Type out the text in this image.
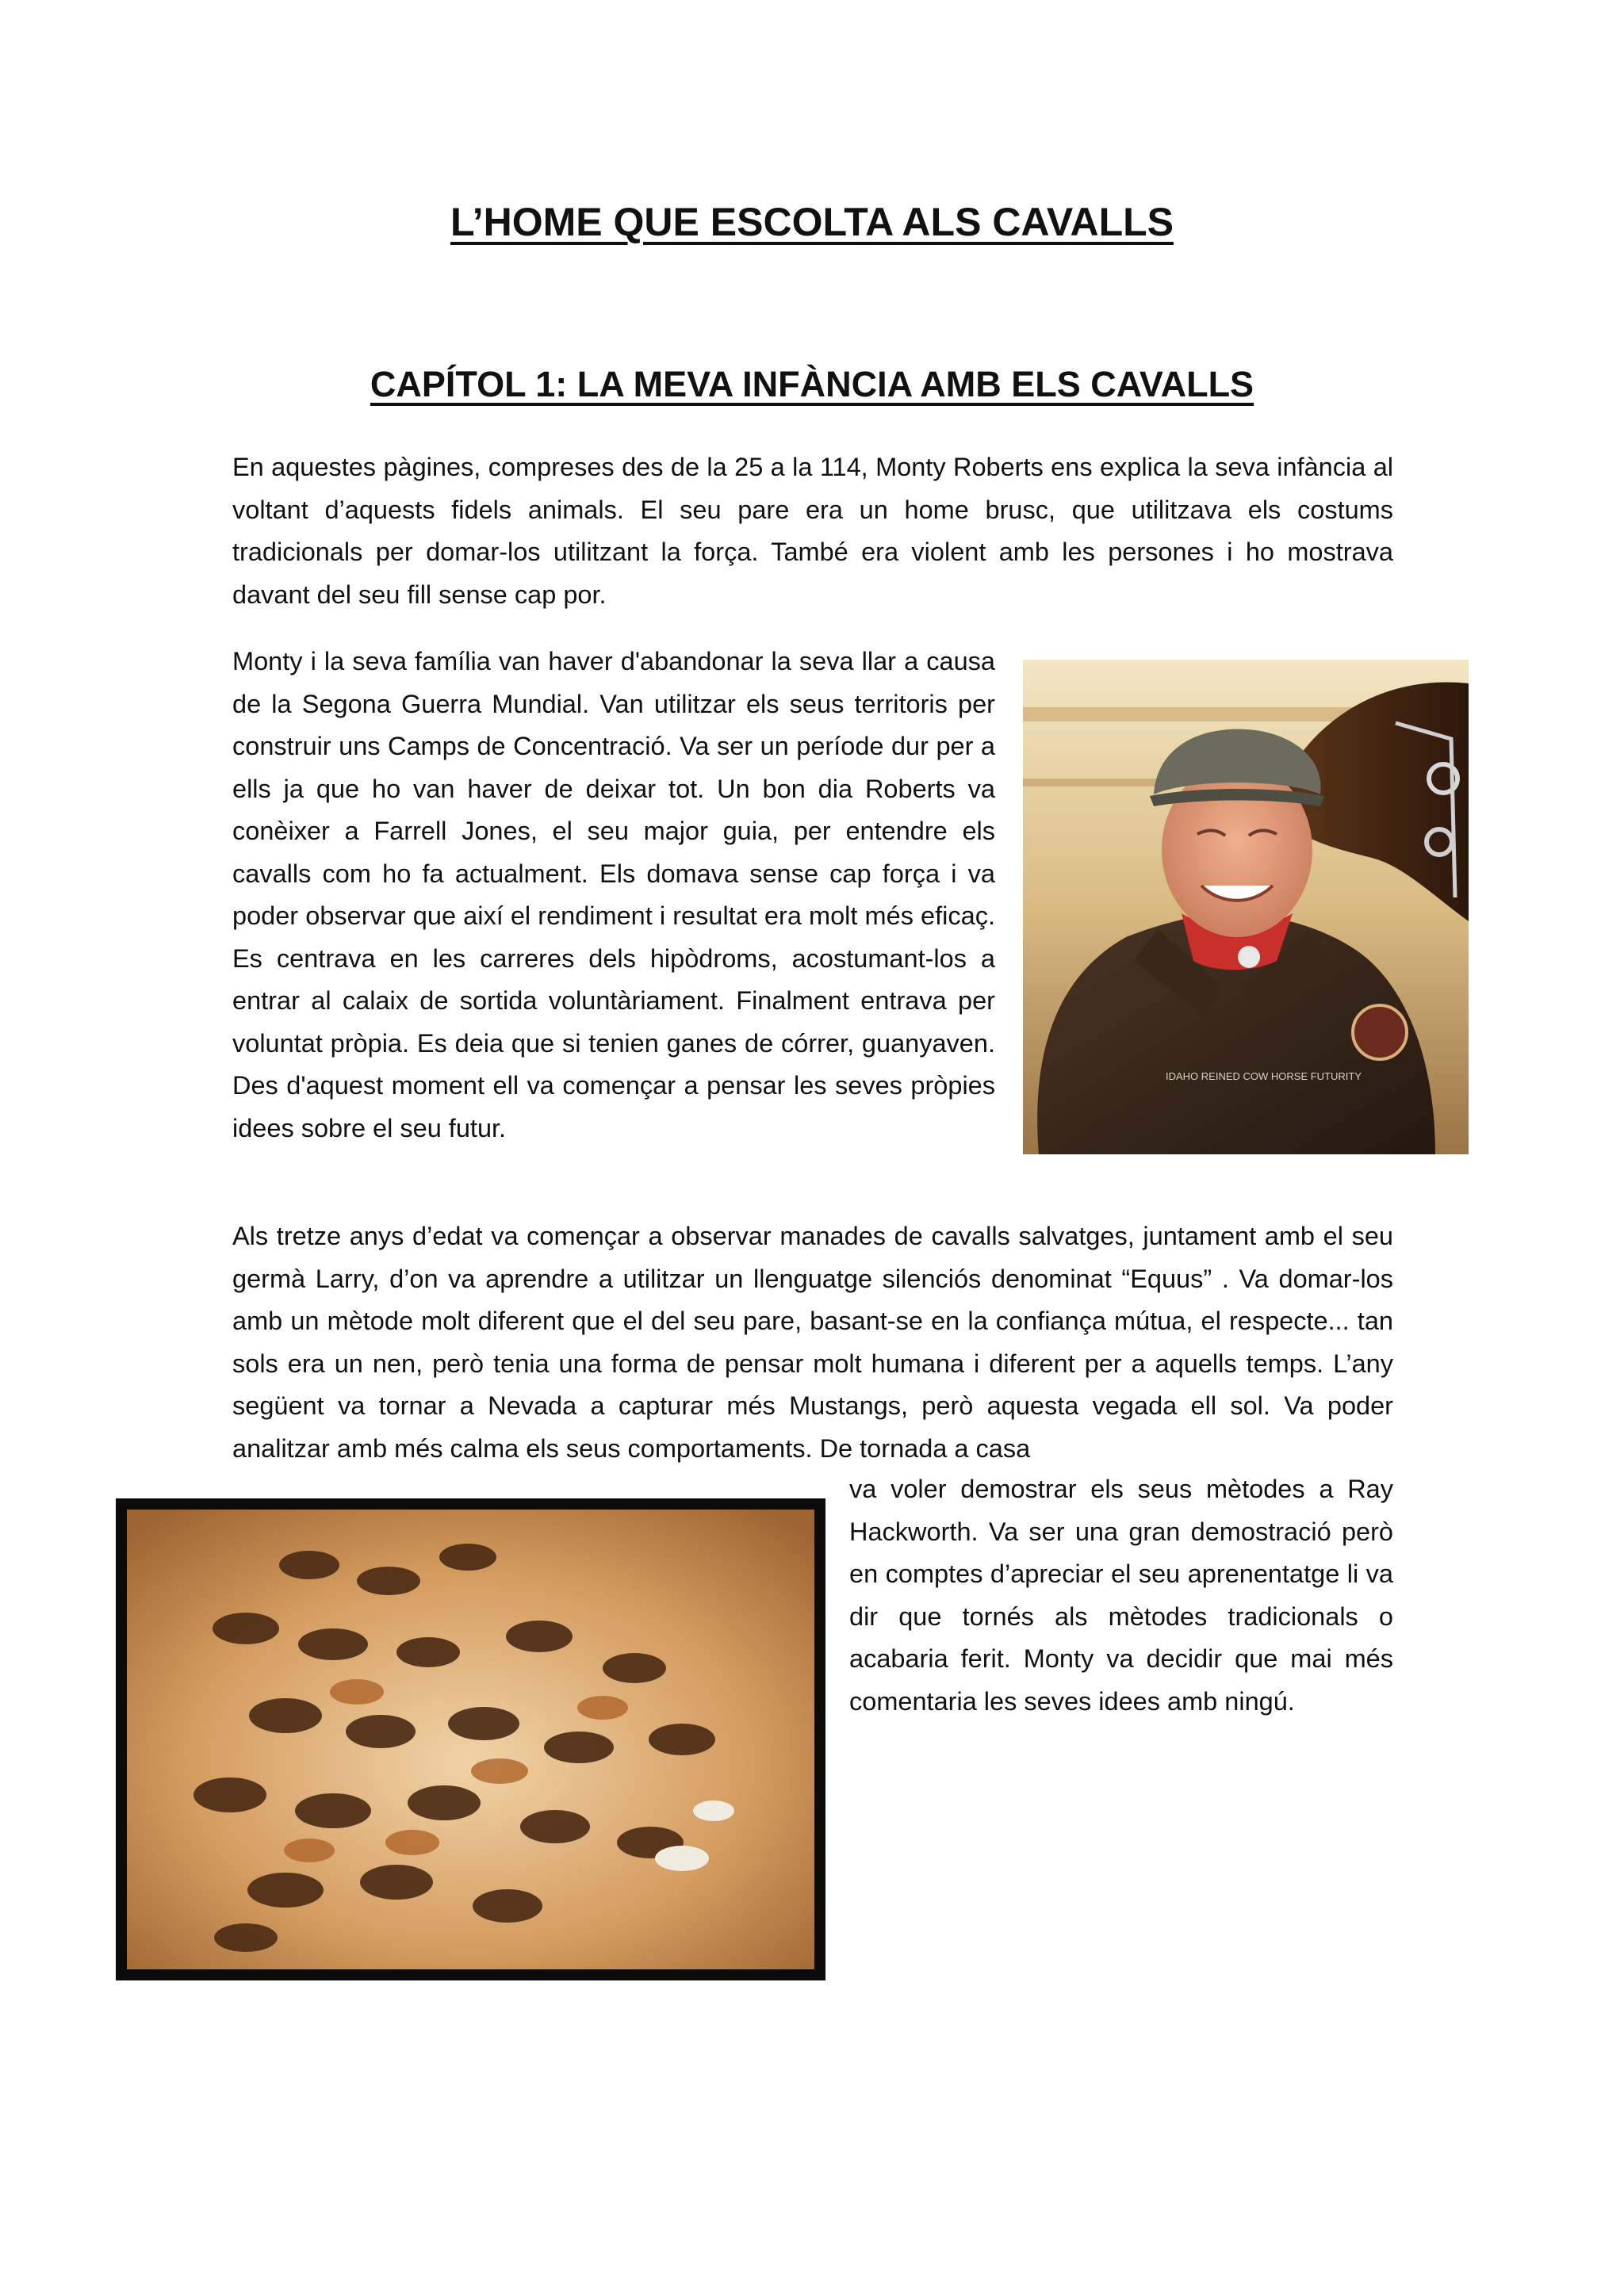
L’HOME QUE ESCOLTA ALS CAVALLS
CAPÍTOL 1: LA MEVA INFÀNCIA AMB ELS CAVALLS

En aquestes pàgines, compreses des de la 25 a la 114, Monty Roberts ens explica la seva infància al voltant d’aquests fidels animals. El seu pare era un home brusc, que utilitzava els costums tradicionals per domar-los utilitzant la força. També era violent amb les persones i ho mostrava davant del seu fill sense cap por.

Monty i la seva família van haver d'abandonar la seva llar a causa de la Segona Guerra Mundial. Van utilitzar els seus territoris per construir uns Camps de Concentració. Va ser un període dur per a ells ja que ho van haver de deixar tot. Un bon dia Roberts va conèixer a Farrell Jones, el seu major guia, per entendre els cavalls com ho fa actualment. Els domava sense cap força i va poder observar que així el rendiment i resultat era molt més eficaç. Es centrava en les carreres dels hipòdroms, acostumant-los a entrar al calaix de sortida voluntàriament. Finalment entrava per voluntat pròpia. Es deia que si tenien ganes de córrer, guanyaven. Des d'aquest moment ell va començar a pensar les seves pròpies idees sobre el seu futur.

IDAHO REINED COW HORSE FUTURITY

Als tretze anys d’edat va començar a observar manades de cavalls salvatges, juntament amb el seu germà Larry, d’on va aprendre a utilitzar un llenguatge silenciós denominat “Equus” . Va domar-los amb un mètode molt diferent que el del seu pare, basant-se en la confiança mútua, el respecte... tan sols era un nen, però tenia una forma de pensar molt humana i diferent per a aquells temps. L’any següent va tornar a Nevada a capturar més Mustangs, però aquesta vegada ell sol. Va poder analitzar amb més calma els seus comportaments. De tornada a casa

va voler demostrar els seus mètodes a Ray Hackworth. Va ser una gran demostració però en comptes d’apreciar el seu aprenentatge li va dir que tornés als mètodes tradicionals o acabaria ferit. Monty va decidir que mai més comentaria les seves idees amb ningú.
